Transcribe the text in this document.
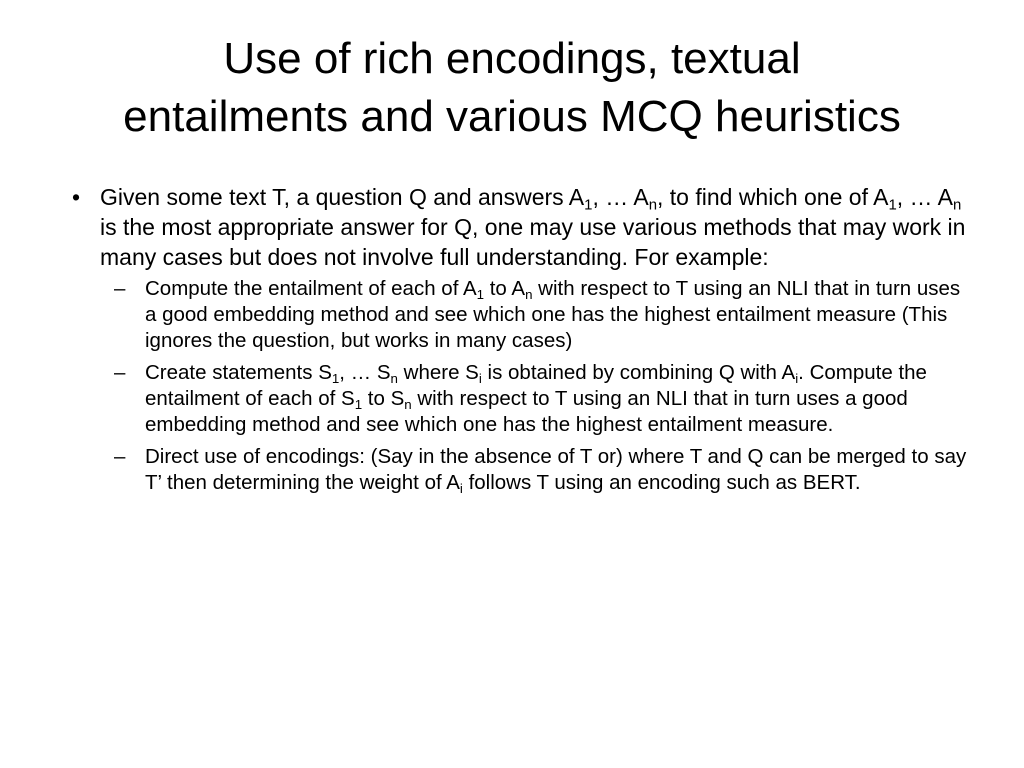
Use of rich encodings, textual
entailments and various MCQ heuristics

• Given some text T, a question Q and answers $A_1$, … $A_n$, to find which one of $A_1$, … $A_n$ is the most appropriate answer for Q, one may use various methods that may work in many cases but does not involve full understanding. For example:

– Compute the entailment of each of $A_1$ to $A_n$ with respect to T using an NLI that in turn uses a good embedding method and see which one has the highest entailment measure (This ignores the question, but works in many cases)

– Create statements $S_1$, … $S_n$ where $S_i$ is obtained by combining Q with $A_i$. Compute the entailment of each of $S_1$ to $S_n$ with respect to T using an NLI that in turn uses a good embedding method and see which one has the highest entailment measure.

– Direct use of encodings: (Say in the absence of T or) where T and Q can be merged to say T’ then determining the weight of $A_i$ follows T using an encoding such as BERT.
